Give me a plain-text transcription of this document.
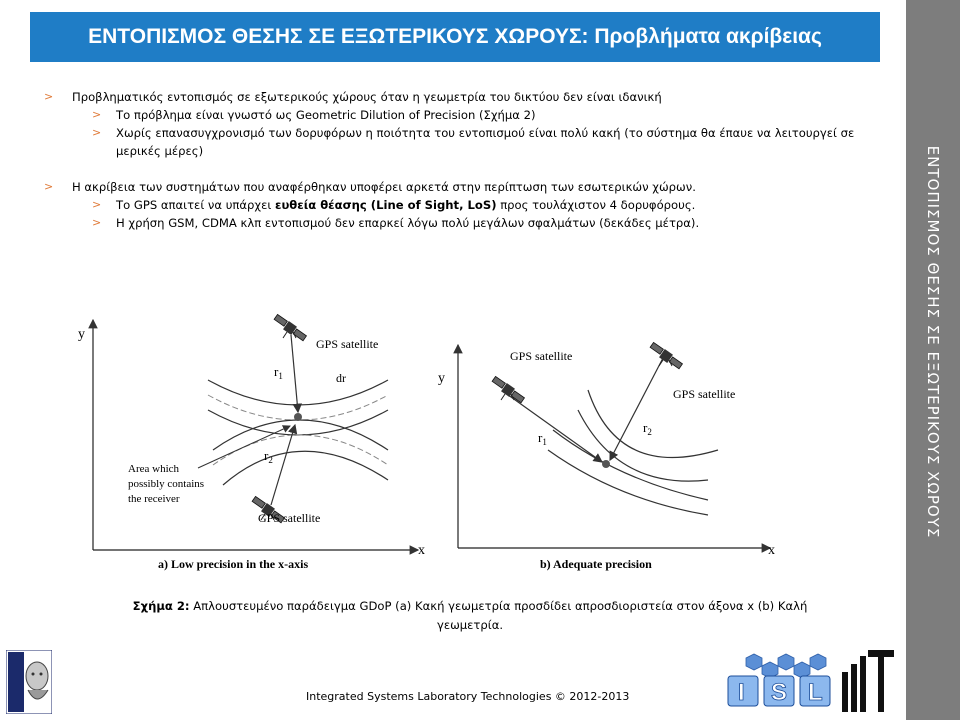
ΕΝΤΟΠΙΣΜΟΣ ΘΕΣΗΣ ΣΕ ΕΞΩΤΕΡΙΚΟΥΣ ΧΩΡΟΥΣ: Προβλήματα ακρίβειας
ΕΝΤΟΠΙΣΜΟΣ ΘΕΣΗΣ ΣΕ ΕΞΩΤΕΡΙΚΟΥΣ ΧΩΡΟΥΣ
>	Προβληματικός εντοπισμός σε εξωτερικούς χώρους όταν η γεωμετρία του δικτύου δεν είναι ιδανική
>	Το πρόβλημα είναι γνωστό ως Geometric Dilution of Precision (Σχήμα 2)
>	Χωρίς επανασυγχρονισμό των δορυφόρων η ποιότητα του εντοπισμού είναι πολύ κακή (το σύστημα θα έπαυε να λειτουργεί σε μερικές μέρες)
>	Η ακρίβεια των συστημάτων που αναφέρθηκαν υποφέρει αρκετά στην περίπτωση των εσωτερικών χώρων.
>	Το GPS απαιτεί να υπάρχει ευθεία θέασης (Line of Sight, LoS) προς τουλάχιστον 4 δορυφόρους.
>	Η χρήση GSM, CDMA κλπ εντοπισμού δεν επαρκεί λόγω πολύ μεγάλων σφαλμάτων (δεκάδες μέτρα).
y
x
GPS satellite
GPS satellite
$r_1$
$r_2$
dr
Area which
possibly contains
the receiver
a) Low precision in the x-axis
y
x
GPS satellite
GPS satellite
$r_1$
$r_2$
b) Adequate precision
Σχήμα 2: Απλουστευμένο παράδειγμα GDoP (a) Κακή γεωμετρία προσδίδει απροσδιοριστεία στον άξονα x (b) Καλή γεωμετρία.
Integrated Systems Laboratory Technologies © 2012-2013	I S L
